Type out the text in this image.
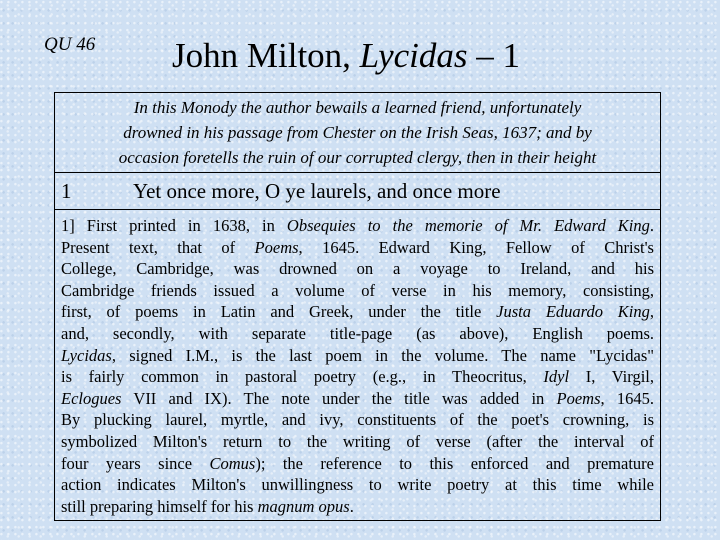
QU 46 John Milton, Lycidas – 1
In this Monody the author bewails a learned friend, unfortunately
drowned in his passage from Chester on the Irish Seas, 1637; and by
occasion foretells the ruin of our corrupted clergy, then in their height
1	Yet once more, O ye laurels, and once more
1] First printed in 1638, in Obsequies to the memorie of Mr. Edward King.
Present text, that of Poems, 1645. Edward King, Fellow of Christ's
College, Cambridge, was drowned on a voyage to Ireland, and his
Cambridge friends issued a volume of verse in his memory, consisting,
first, of poems in Latin and Greek, under the title Justa Eduardo King,
and, secondly, with separate title-page (as above), English poems.
Lycidas, signed I.M., is the last poem in the volume. The name "Lycidas"
is fairly common in pastoral poetry (e.g., in Theocritus, Idyl I, Virgil,
Eclogues VII and IX). The note under the title was added in Poems, 1645.
By plucking laurel, myrtle, and ivy, constituents of the poet's crowning, is
symbolized Milton's return to the writing of verse (after the interval of
four years since Comus); the reference to this enforced and premature
action indicates Milton's unwillingness to write poetry at this time while
still preparing himself for his magnum opus.
